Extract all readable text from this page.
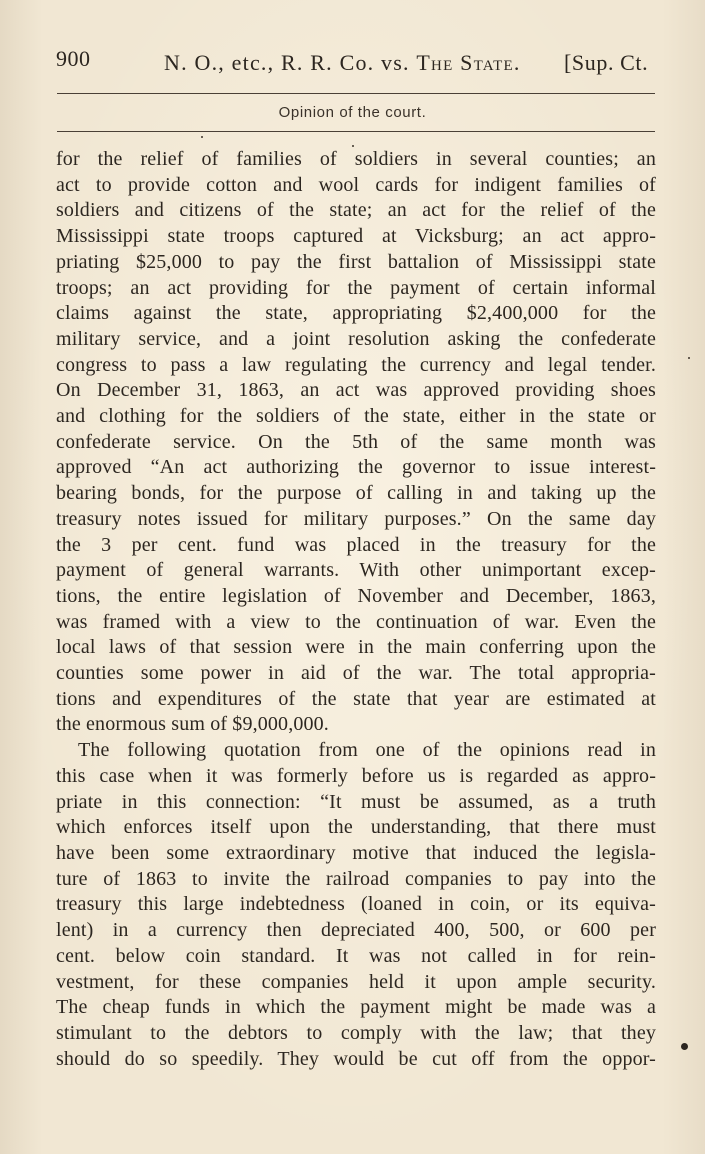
900	N. O., etc., R. R. Co. vs. The State. [Sup. Ct.
Opinion of the court.
for the relief of families of soldiers in several counties; an
act to provide cotton and wool cards for indigent families of
soldiers and citizens of the state; an act for the relief of the
Mississippi state troops captured at Vicksburg; an act appro-
priating $25,000 to pay the first battalion of Mississippi state
troops; an act providing for the payment of certain informal
claims against the state, appropriating $2,400,000 for the
military service, and a joint resolution asking the confederate
congress to pass a law regulating the currency and legal tender.
On December 31, 1863, an act was approved providing shoes
and clothing for the soldiers of the state, either in the state or
confederate service. On the 5th of the same month was
approved “An act authorizing the governor to issue interest-
bearing bonds, for the purpose of calling in and taking up the
treasury notes issued for military purposes.” On the same day
the 3 per cent. fund was placed in the treasury for the
payment of general warrants. With other unimportant excep-
tions, the entire legislation of November and December, 1863,
was framed with a view to the continuation of war. Even the
local laws of that session were in the main conferring upon the
counties some power in aid of the war. The total appropria-
tions and expenditures of the state that year are estimated at
the enormous sum of $9,000,000.
The following quotation from one of the opinions read in
this case when it was formerly before us is regarded as appro-
priate in this connection: “It must be assumed, as a truth
which enforces itself upon the understanding, that there must
have been some extraordinary motive that induced the legisla-
ture of 1863 to invite the railroad companies to pay into the
treasury this large indebtedness (loaned in coin, or its equiva-
lent) in a currency then depreciated 400, 500, or 600 per
cent. below coin standard. It was not called in for rein-
vestment, for these companies held it upon ample security.
The cheap funds in which the payment might be made was a
stimulant to the debtors to comply with the law; that they
should do so speedily. They would be cut off from the oppor-
